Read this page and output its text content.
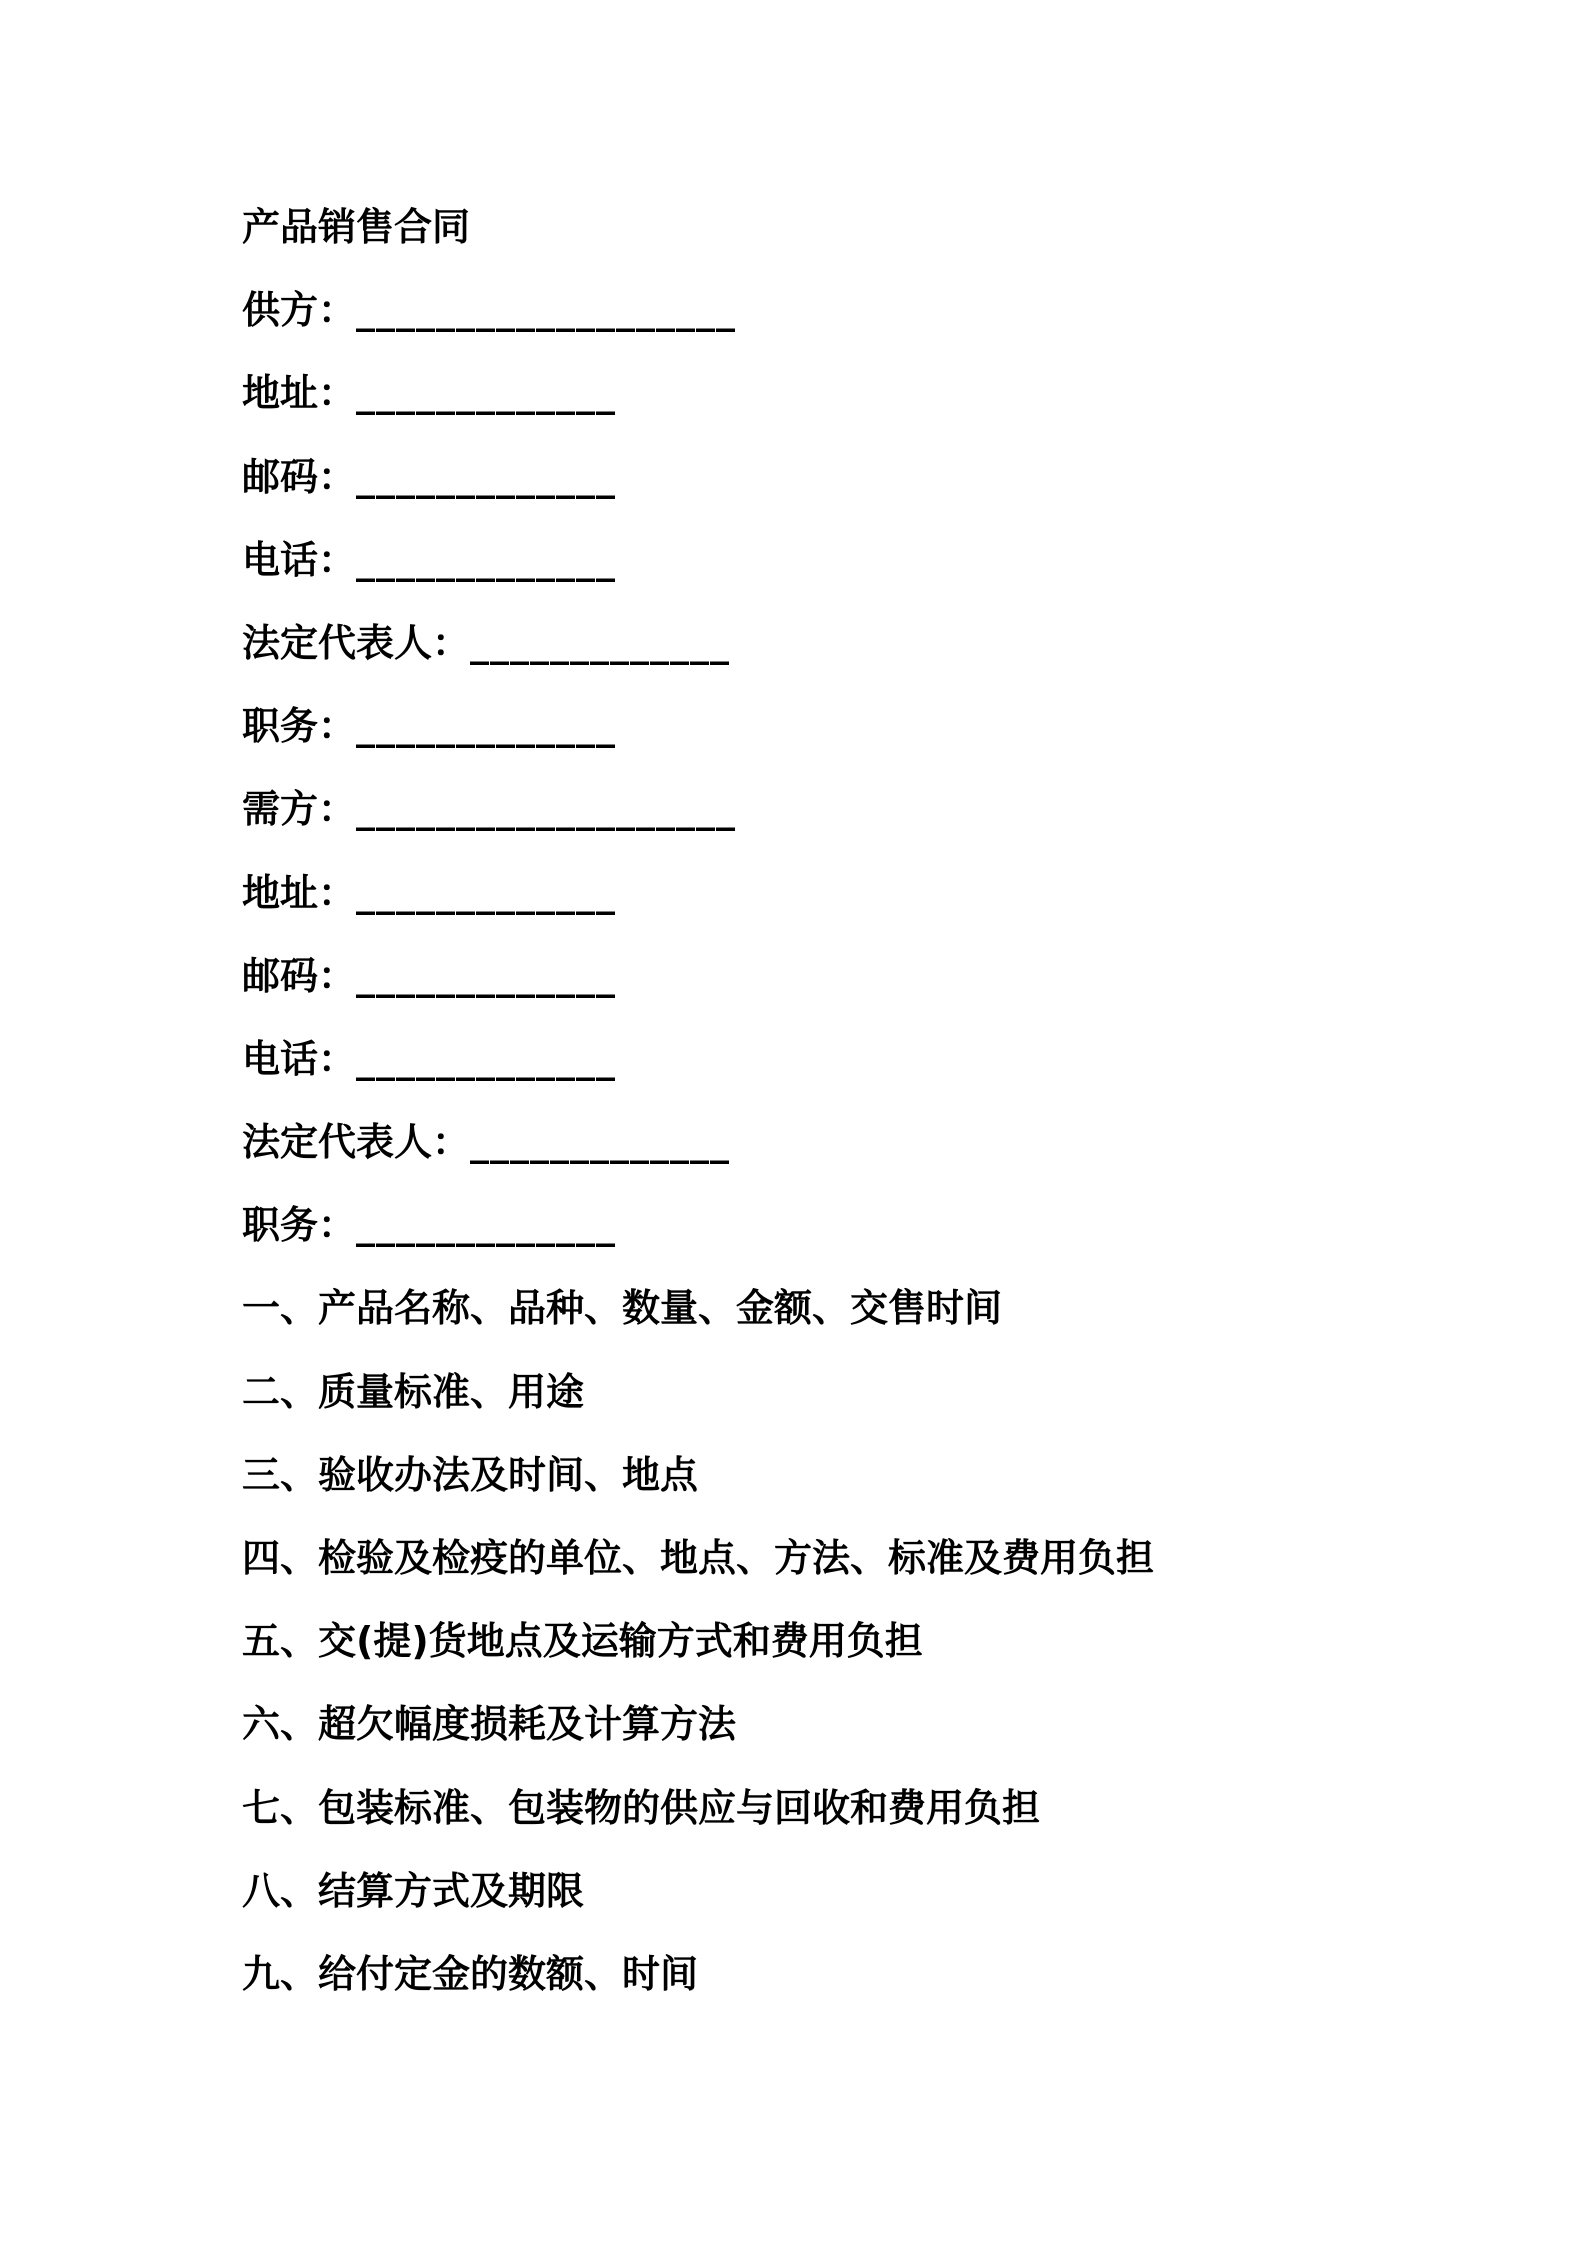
产品销售合同
供方：___________________
地址：_____________
邮码：_____________
电话：_____________
法定代表人：_____________
职务：_____________
需方：___________________
地址：_____________
邮码：_____________
电话：_____________
法定代表人：_____________
职务：_____________
一、产品名称、品种、数量、金额、交售时间
二、质量标准、用途
三、验收办法及时间、地点
四、检验及检疫的单位、地点、方法、标准及费用负担
五、交(提)货地点及运输方式和费用负担
六、超欠幅度损耗及计算方法
七、包装标准、包装物的供应与回收和费用负担
八、结算方式及期限
九、给付定金的数额、时间
